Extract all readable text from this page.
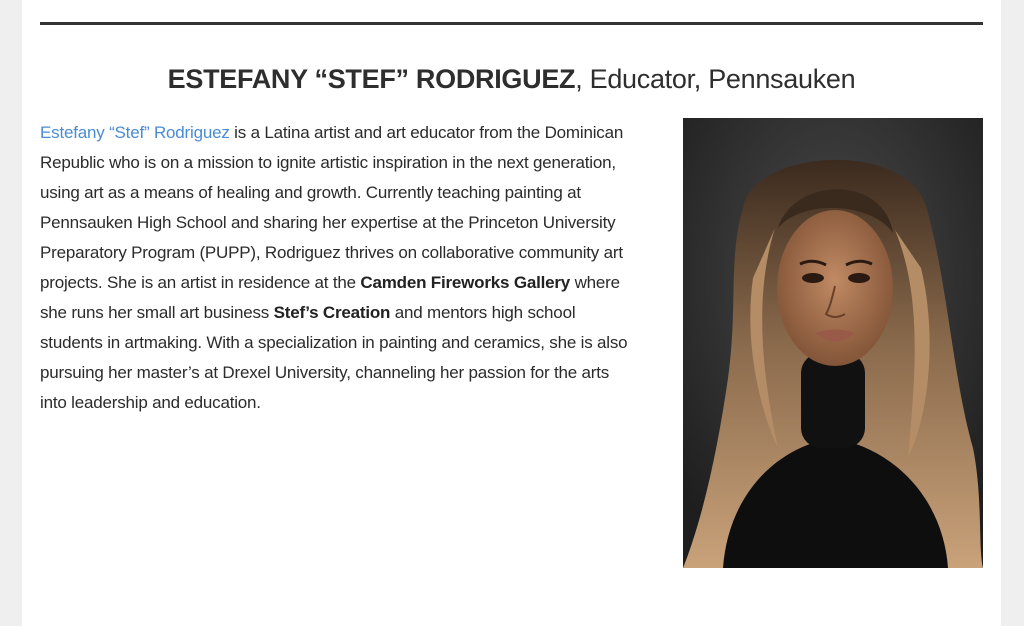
ESTEFANY “STEF” RODRIGUEZ, Educator, Pennsauken

Estefany “Stef” Rodriguez is a Latina artist and art educator from the Dominican Republic who is on a mission to ignite artistic inspiration in the next generation, using art as a means of healing and growth. Currently teaching painting at Pennsauken High School and sharing her expertise at the Princeton University Preparatory Program (PUPP), Rodriguez thrives on collaborative community art projects. She is an artist in residence at the Camden Fireworks Gallery where she runs her small art business Stef’s Creation and mentors high school students in artmaking. With a specialization in painting and ceramics, she is also pursuing her master’s at Drexel University, channeling her passion for the arts into leadership and education.
